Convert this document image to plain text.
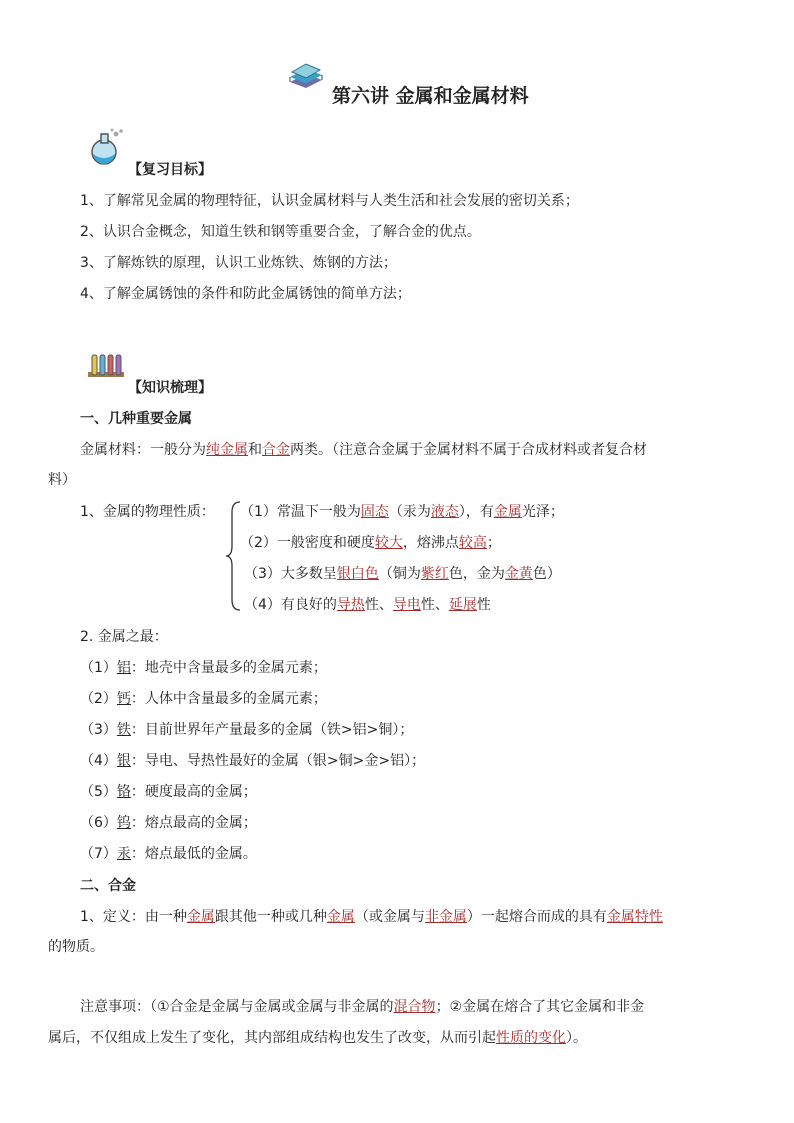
第六讲 金属和金属材料
【复习目标】
1、了解常见金属的物理特征，认识金属材料与人类生活和社会发展的密切关系；
2、认识合金概念，知道生铁和钢等重要合金，了解合金的优点。
3、了解炼铁的原理，认识工业炼铁、炼钢的方法；
4、了解金属锈蚀的条件和防此金属锈蚀的简单方法；
【知识梳理】
一、几种重要金属
金属材料：一般分为纯金属和合金两类。（注意合金属于金属材料不属于合成材料或者复合材
料）
1、金属的物理性质： （1）常温下一般为固态（汞为液态），有金属光泽；
（2）一般密度和硬度较大，熔沸点较高；
（3）大多数呈银白色（铜为紫红色，金为金黄色）
（4）有良好的导热性、导电性、延展性
2. 金属之最：
（1）铝：地壳中含量最多的金属元素；
（2）钙：人体中含量最多的金属元素；
（3）铁：目前世界年产量最多的金属（铁>铝>铜）；
（4）银：导电、导热性最好的金属（银>铜>金>铝）；
（5）铬：硬度最高的金属；
（6）钨：熔点最高的金属；
（7）汞：熔点最低的金属。
二、合金
1、定义：由一种金属跟其他一种或几种金属（或金属与非金属）一起熔合而成的具有金属特性
的物质。
注意事项：（①合金是金属与金属或金属与非金属的混合物；②金属在熔合了其它金属和非金
属后，不仅组成上发生了变化，其内部组成结构也发生了改变，从而引起性质的变化）。
